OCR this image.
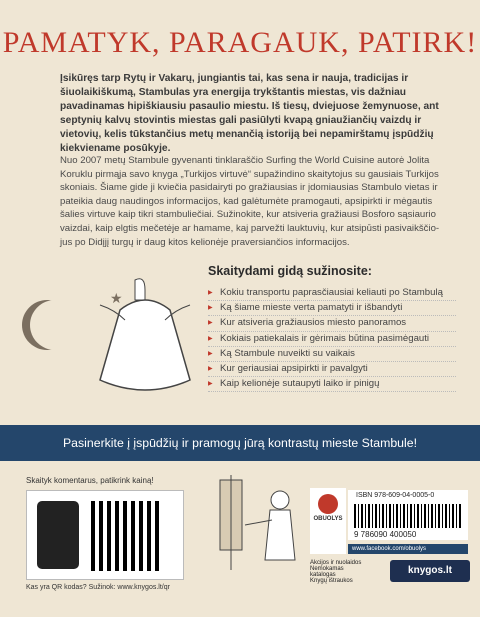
PAMATYK, PARAGAUK, PATIRK!
Įsikūręs tarp Rytų ir Vakarų, jungiantis tai, kas sena ir nauja, tradicijas ir šiuolaikiškumą, Stambulas yra energija trykštantis miestas, vis dažniau pavadinamas hipiškiausiu pasaulio miestu. Iš tiesų, dviejuose žemynuose, ant septynių kalvų stovintis miestas gali pasiūlyti kvapą gniaužiančių vaizdų ir vietovių, kelis tūkstančius metų menančią istoriją bei nepamirštamų įspūdžių kiekviename posūkyje.
Nuo 2007 metų Stambule gyvenanti tinklaraščio Surfing the World Cuisine autorė Jolita Koruklu pirmąja savo knyga „Turkijos virtuvė“ supažindino skaitytojus su gausiais Turkijos skoniais. Šiame gide ji kviečia pasidairyti po gražiausias ir įdomiausias Stambulo vietas ir pateikia daug naudingos informacijos, kad galėtumėte pramogauti, apsipirkti ir mėgautis šalies virtuve kaip tikri stambuliečiai. Sužinokite, kur atsiveria gražiausi Bosforo sąsiaurio vaizdai, kaip elgtis mečetėje ar hamame, kaj parvežti lauktuvių, kur atsipūsti pasivaikščio-jus po Didįjį turgų ir daug kitos kelionėje praversiančios informacijos.
★
Skaitydami gidą sužinosite:
▶ Kokiu transportu paprasčiausiai keliauti po Stambulą
▶ Ką šiame mieste verta pamatyti ir išbandyti
▶ Kur atsiveria gražiausios miesto panoramos
▶ Kokiais patiekalais ir gėrimais būtina pasimėgauti
▶ Ką Stambule nuveikti su vaikais
▶ Kur geriausiai apsipirkti ir pavalgyti
▶ Kaip kelionėje sutaupyti laiko ir pinigų
Pasinerkite į įspūdžių ir pramogų jūrą kontrastų mieste Stambule!
Skaityk komentarus, patikrink kainą!
Kas yra QR kodas? Sužinok: www.knygos.lt/qr
OBUOLYS
ISBN 978-609-04-0005-0
9 786090 400050
www.facebook.com/obuolys
Akcijos ir nuolaidos
Nemokamas katalogas
Knygų ištraukos
knygos.lt
